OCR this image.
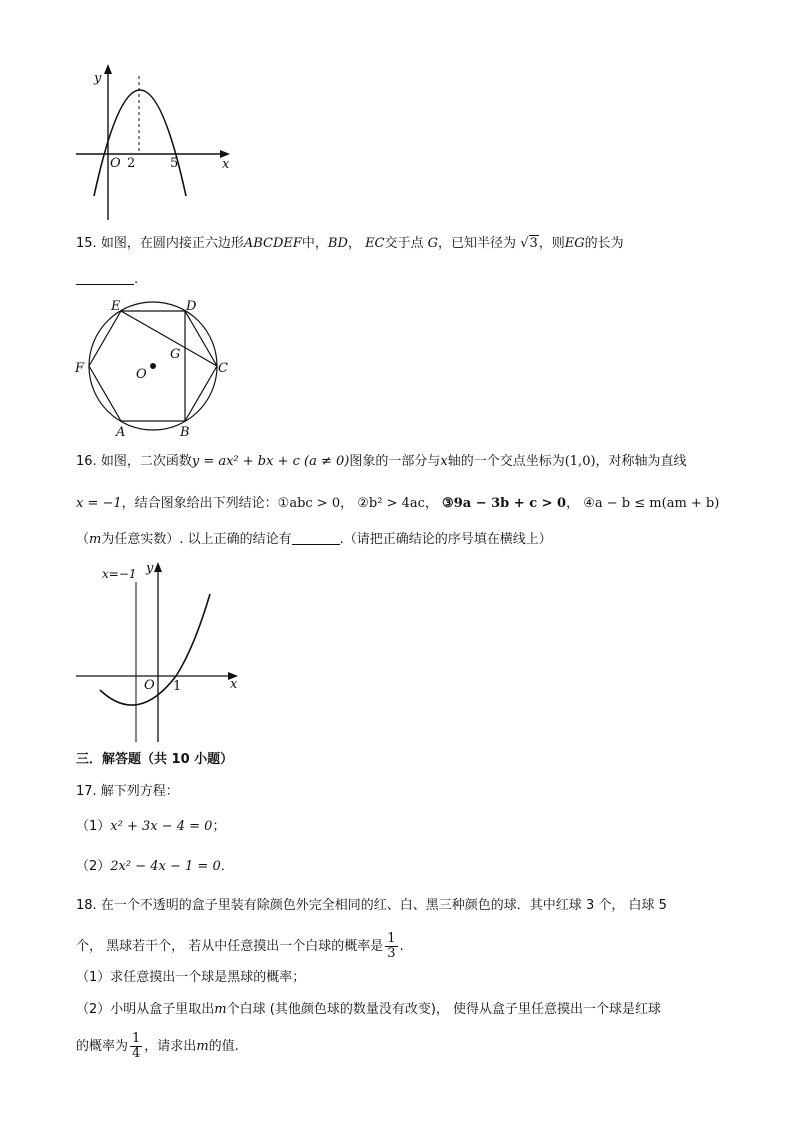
y
O 2	5	x
15. 如图，在圆内接正六边形ABCDEF中，BD， EC交于点 G，已知半径为 √3，则EG的长为
.
E	D
F	C
A	B
O
G
16. 如图，二次函数y = ax² + bx + c (a ≠ 0)图象的一部分与x轴的一个交点坐标为(1,0)，对称轴为直线
x = −1，结合图象给出下列结论：①abc > 0， ②b² > 4ac， ③9a − 3b + c > 0， ④a − b ≤ m(am + b)
（m为任意实数）. 以上正确的结论有	.（请把正确结论的序号填在横线上）
x=−1 y
O 1	x
三．解答题（共 10 小题）
17. 解下列方程：
（1）x² + 3x − 4 = 0；
（2）2x² − 4x − 1 = 0．
18. 在一个不透明的盒子里装有除颜色外完全相同的红、白、黑三种颜色的球．其中红球 3 个， 白球 5
个， 黑球若干个， 若从中任意摸出一个白球的概率是 $\frac{1}{3}$ .
（1）求任意摸出一个球是黑球的概率；
（2）小明从盒子里取出m个白球 (其他颜色球的数量没有改变)， 使得从盒子里任意摸出一个球是红球
的概率为 $\frac{1}{4}$ ，请求出m的值.
